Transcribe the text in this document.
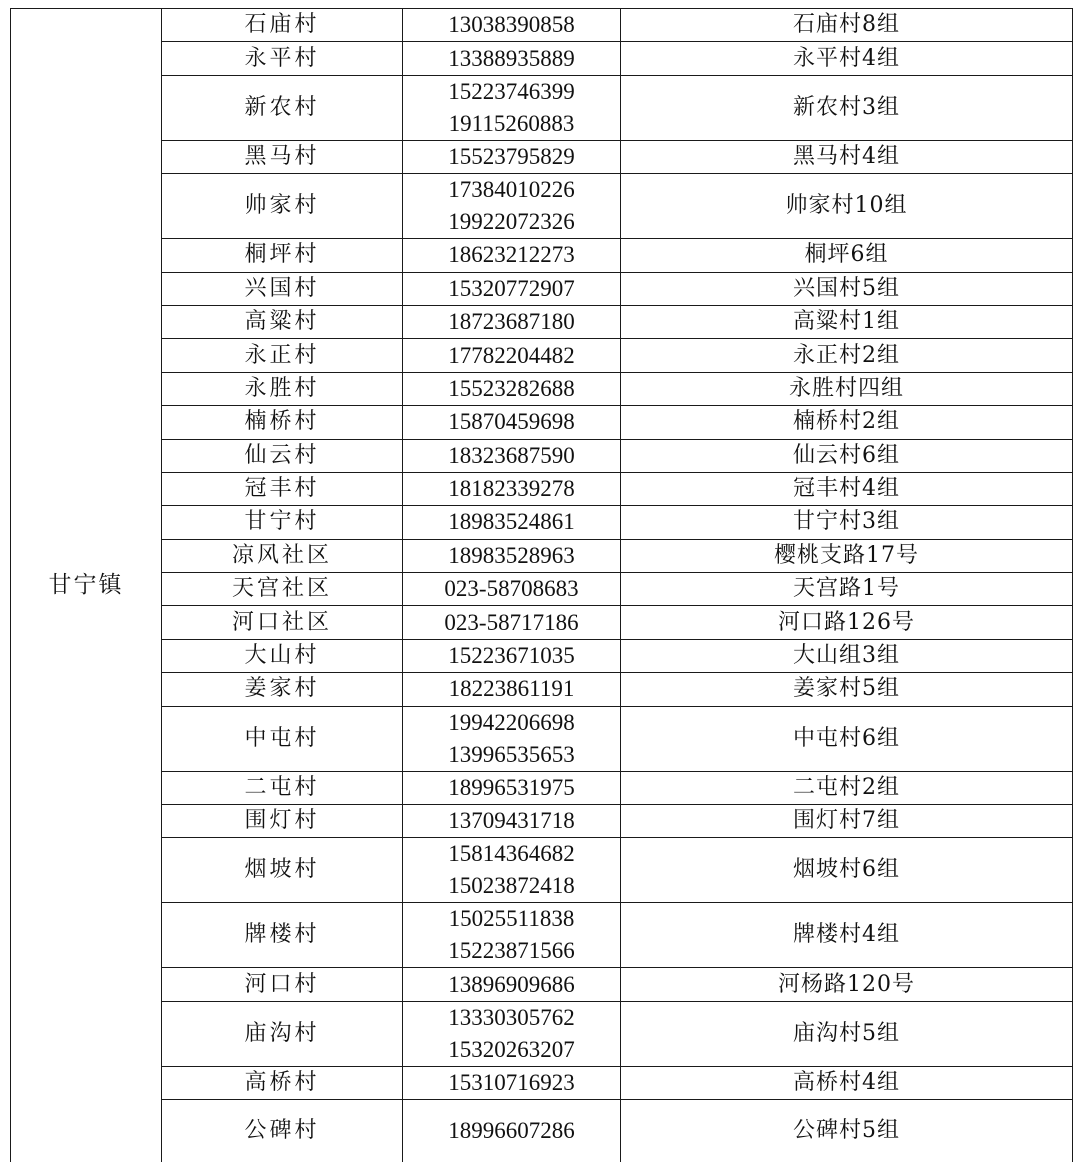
甘宁镇	石庙村	13038390858	石庙村8组
	永平村	13388935889	永平村4组
	新农村	15223746399
19115260883	新农村3组
	黑马村	15523795829	黑马村4组
	帅家村	17384010226
19922072326	帅家村10组
	桐坪村	18623212273	桐坪6组
	兴国村	15320772907	兴国村5组
	高粱村	18723687180	高粱村1组
	永正村	17782204482	永正村2组
	永胜村	15523282688	永胜村四组
	楠桥村	15870459698	楠桥村2组
	仙云村	18323687590	仙云村6组
	冠丰村	18182339278	冠丰村4组
	甘宁村	18983524861	甘宁村3组
	凉风社区	18983528963	樱桃支路17号
	天宫社区	023-58708683	天宫路1号
	河口社区	023-58717186	河口路126号
	大山村	15223671035	大山组3组
	姜家村	18223861191	姜家村5组
	中屯村	19942206698
13996535653	中屯村6组
	二屯村	18996531975	二屯村2组
	围灯村	13709431718	围灯村7组
	烟坡村	15814364682
15023872418	烟坡村6组
	牌楼村	15025511838
15223871566	牌楼村4组
	河口村	13896909686	河杨路120号
	庙沟村	13330305762
15320263207	庙沟村5组
	高桥村	15310716923	高桥村4组
	公碑村	18996607286	公碑村5组
